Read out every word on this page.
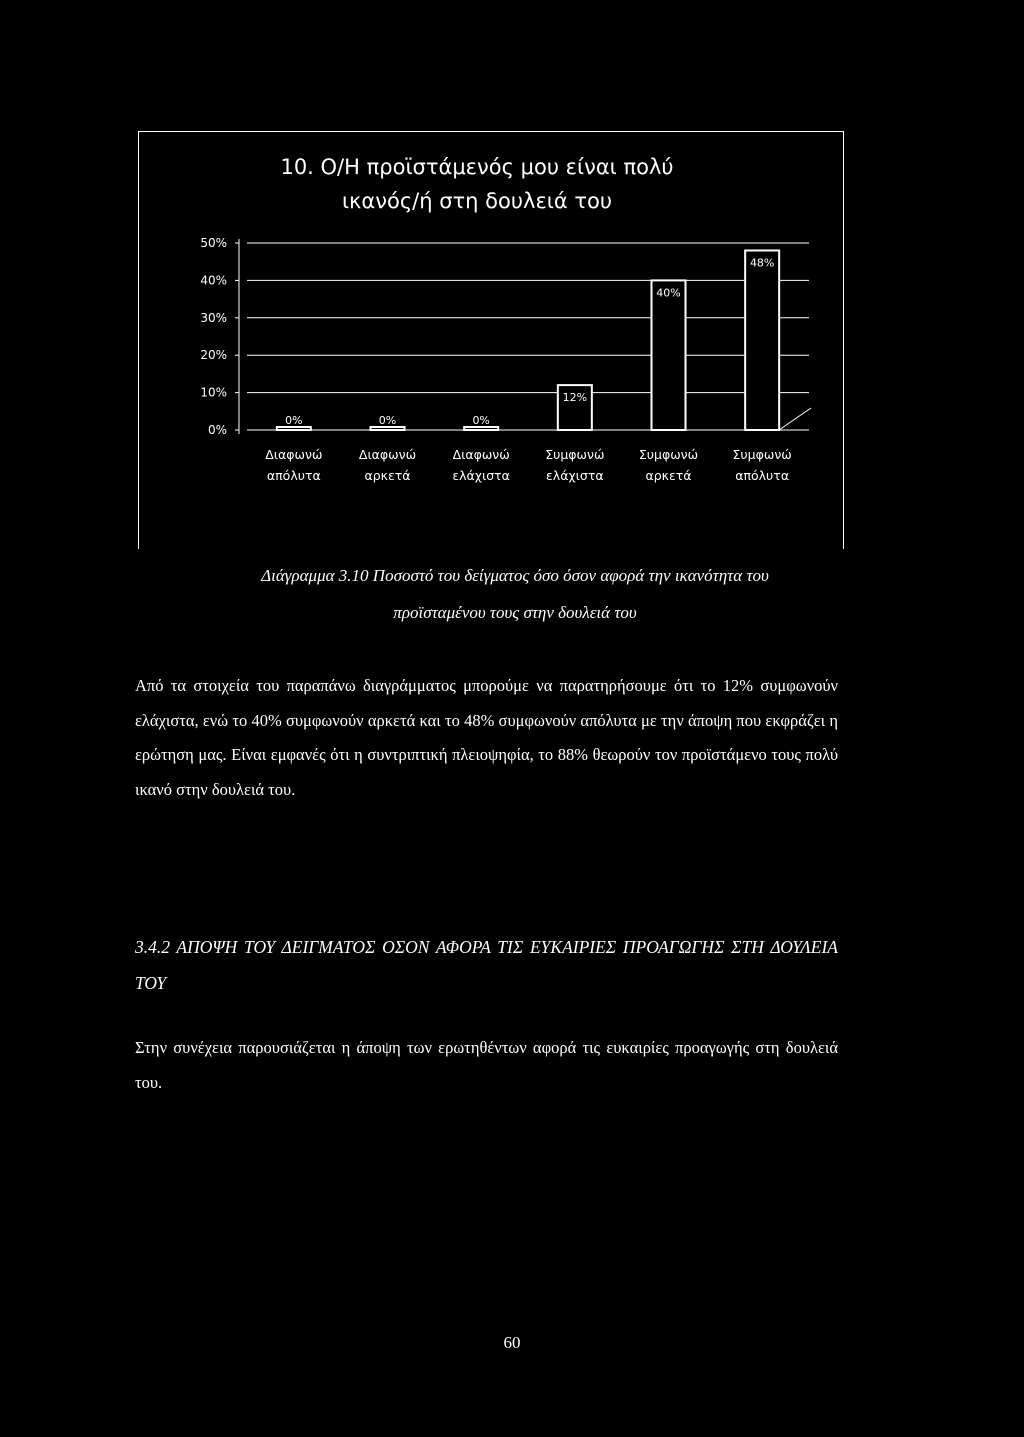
10. Ο/Η προϊστάμενός μου είναι πολύ
ικανός/ή στη δουλειά του
0%
10%
20%
30%
40%
50%
0%
Διαφωνώ
απόλυτα
0%
Διαφωνώ
αρκετά
0%
Διαφωνώ
ελάχιστα
12%
Συμφωνώ
ελάχιστα
40%
Συμφωνώ
αρκετά
48%
Συμφωνώ
απόλυτα
Διάγραμμα 3.10 Ποσοστό του δείγματος όσο όσον αφορά την ικανότητα του
προϊσταμένου τους στην δουλειά του

Από τα στοιχεία του παραπάνω διαγράμματος μπορούμε να παρατηρήσουμε ότι το 12% συμφωνούν ελάχιστα, ενώ το 40% συμφωνούν αρκετά και το 48% συμφωνούν απόλυτα με την άποψη που εκφράζει η ερώτηση μας. Είναι εμφανές ότι η συντριπτική πλειοψηφία, το 88% θεωρούν τον προϊστάμενο τους πολύ ικανό στην δουλειά του.

3.4.2 ΑΠΟΨΗ ΤΟΥ ΔΕΙΓΜΑΤΟΣ ΟΣΟΝ ΑΦΟΡΑ ΤΙΣ ΕΥΚΑΙΡΙΕΣ ΠΡΟΑΓΩΓΗΣ ΣΤΗ ΔΟΥΛΕΙΑ ΤΟΥ

Στην συνέχεια παρουσιάζεται η άποψη των ερωτηθέντων αφορά τις ευκαιρίες προαγωγής στη δουλειά του.

60
